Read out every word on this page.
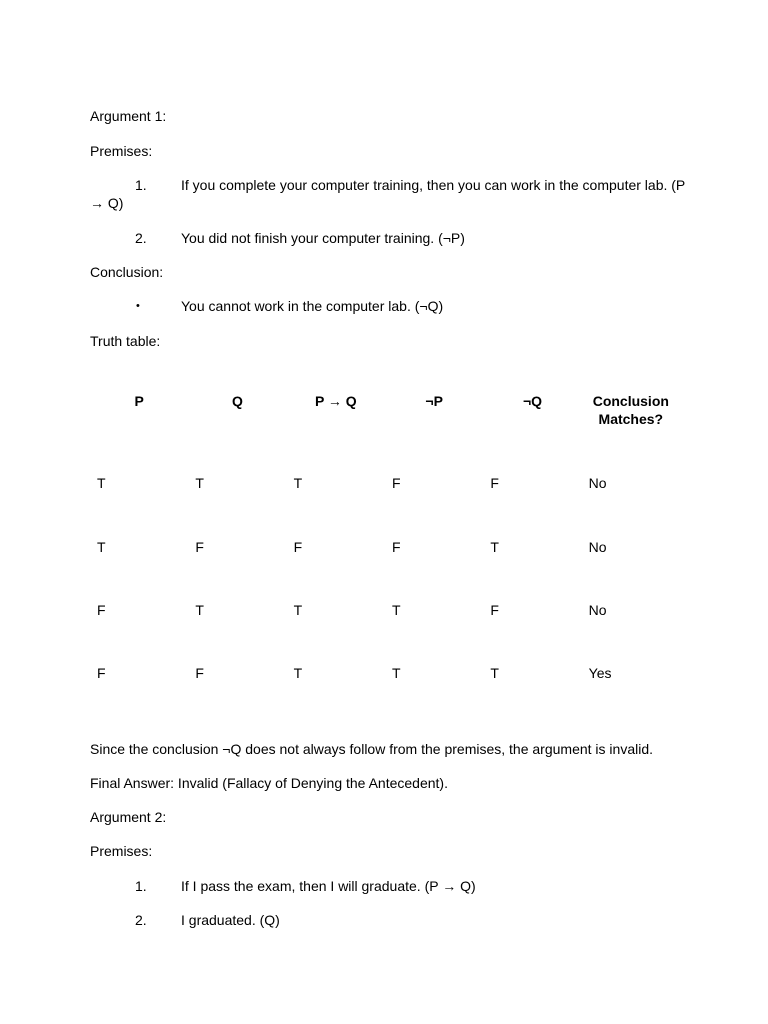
Argument 1:

Premises:

1.	If you complete your computer training, then you can work in the computer lab. (P
→ Q)
2.	You did not finish your computer training. (¬P)

Conclusion:

•	You cannot work in the computer lab. (¬Q)

Truth table:

P	Q	P → Q	¬P	¬Q	Conclusion Matches?
T	T	T	F	F	No
T	F	F	F	T	No
F	T	T	T	F	No
F	F	T	T	T	Yes

Since the conclusion ¬Q does not always follow from the premises, the argument is invalid.

Final Answer: Invalid (Fallacy of Denying the Antecedent).

Argument 2:

Premises:

1.	If I pass the exam, then I will graduate. (P → Q)
2.	I graduated. (Q)
